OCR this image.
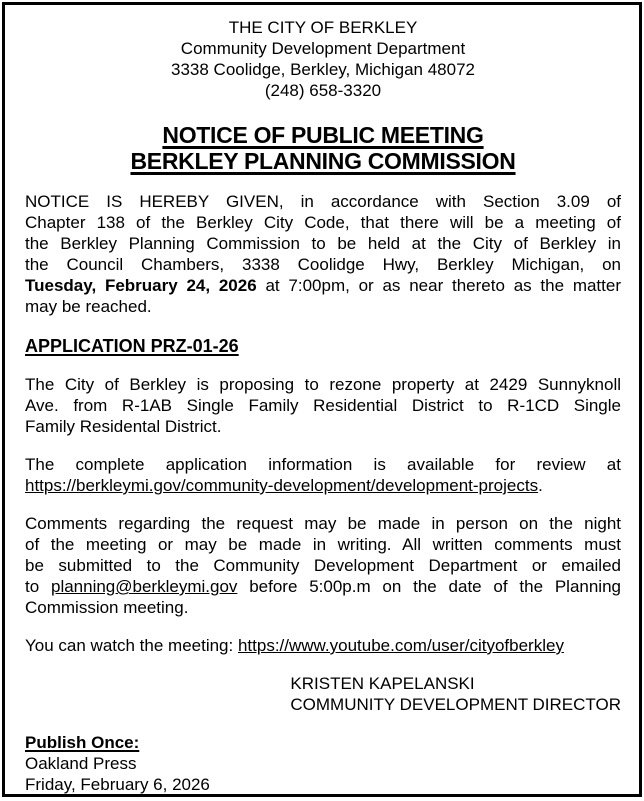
THE CITY OF BERKLEY
Community Development Department
3338 Coolidge, Berkley, Michigan 48072
(248) 658-3320
NOTICE OF PUBLIC MEETING
BERKLEY PLANNING COMMISSION
NOTICE IS HEREBY GIVEN, in accordance with Section 3.09 of
Chapter 138 of the Berkley City Code, that there will be a meeting of
the Berkley Planning Commission to be held at the City of Berkley in
the Council Chambers, 3338 Coolidge Hwy, Berkley Michigan, on
Tuesday, February 24, 2026 at 7:00pm, or as near thereto as the matter
may be reached.
APPLICATION PRZ-01-26
The City of Berkley is proposing to rezone property at 2429 Sunnyknoll
Ave. from R-1AB Single Family Residential District to R-1CD Single
Family Residental District.
The complete application information is available for review at
https://berkleymi.gov/community-development/development-projects.
Comments regarding the request may be made in person on the night
of the meeting or may be made in writing. All written comments must
be submitted to the Community Development Department or emailed
to planning@berkleymi.gov before 5:00p.m on the date of the Planning
Commission meeting.
You can watch the meeting: https://www.youtube.com/user/cityofberkley
KRISTEN KAPELANSKI
COMMUNITY DEVELOPMENT DIRECTOR
Publish Once:
Oakland Press
Friday, February 6, 2026
